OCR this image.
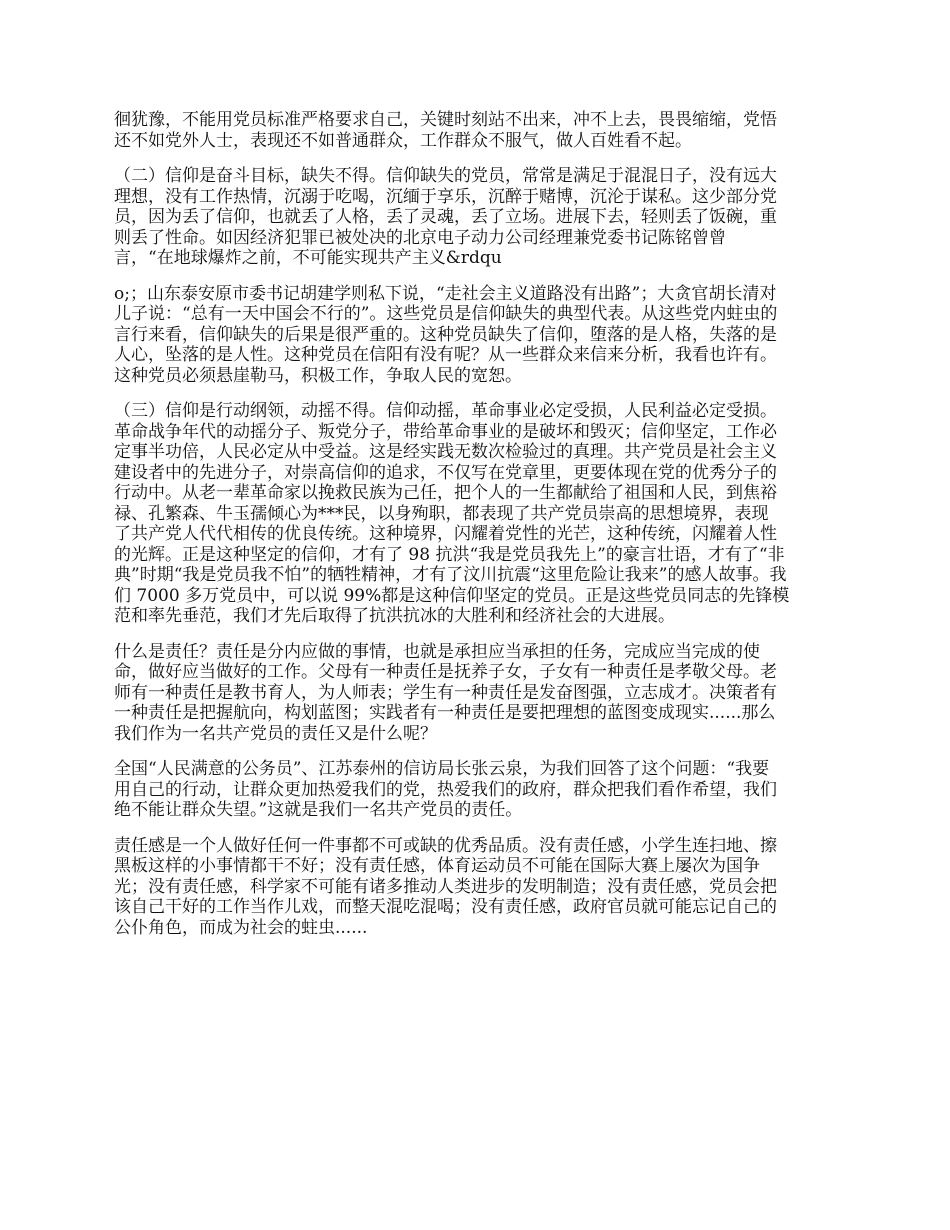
徊犹豫，不能用党员标准严格要求自己，关键时刻站不出来，冲不上去，畏畏缩缩，党悟
还不如党外人士，表现还不如普通群众，工作群众不服气，做人百姓看不起。
（二）信仰是奋斗目标，缺失不得。信仰缺失的党员，常常是满足于混混日子，没有远大
理想，没有工作热情，沉溺于吃喝，沉缅于享乐，沉醉于赌博，沉沦于谋私。这少部分党
员，因为丢了信仰，也就丢了人格，丢了灵魂，丢了立场。进展下去，轻则丢了饭碗，重
则丢了性命。如因经济犯罪已被处决的北京电子动力公司经理兼党委书记陈铭曾曾
言，“在地球爆炸之前，不可能实现共产主义&rdqu
o;；山东泰安原市委书记胡建学则私下说，“走社会主义道路没有出路”；大贪官胡长清对
儿子说：“总有一天中国会不行的”。这些党员是信仰缺失的典型代表。从这些党内蛀虫的
言行来看，信仰缺失的后果是很严重的。这种党员缺失了信仰，堕落的是人格，失落的是
人心，坠落的是人性。这种党员在信阳有没有呢？从一些群众来信来分析，我看也许有。
这种党员必须悬崖勒马，积极工作，争取人民的宽恕。
（三）信仰是行动纲领，动摇不得。信仰动摇，革命事业必定受损，人民利益必定受损。
革命战争年代的动摇分子、叛党分子，带给革命事业的是破坏和毁灭；信仰坚定，工作必
定事半功倍，人民必定从中受益。这是经实践无数次检验过的真理。共产党员是社会主义
建设者中的先进分子，对崇高信仰的追求，不仅写在党章里，更要体现在党的优秀分子的
行动中。从老一辈革命家以挽救民族为己任，把个人的一生都献给了祖国和人民，到焦裕
禄、孔繁森、牛玉孺倾心为***民，以身殉职，都表现了共产党员崇高的思想境界，表现
了共产党人代代相传的优良传统。这种境界，闪耀着党性的光芒，这种传统，闪耀着人性
的光辉。正是这种坚定的信仰，才有了 98 抗洪“我是党员我先上”的豪言壮语，才有了“非
典”时期“我是党员我不怕”的牺牲精神，才有了汶川抗震“这里危险让我来”的感人故事。我
们 7000 多万党员中，可以说 99%都是这种信仰坚定的党员。正是这些党员同志的先锋模
范和率先垂范，我们才先后取得了抗洪抗冰的大胜利和经济社会的大进展。
什么是责任？责任是分内应做的事情，也就是承担应当承担的任务，完成应当完成的使
命，做好应当做好的工作。父母有一种责任是抚养子女，子女有一种责任是孝敬父母。老
师有一种责任是教书育人，为人师表；学生有一种责任是发奋图强，立志成才。决策者有
一种责任是把握航向，构划蓝图；实践者有一种责任是要把理想的蓝图变成现实......那么
我们作为一名共产党员的责任又是什么呢？
全国“人民满意的公务员”、江苏泰州的信访局长张云泉，为我们回答了这个问题：“我要
用自己的行动，让群众更加热爱我们的党，热爱我们的政府，群众把我们看作希望，我们
绝不能让群众失望。”这就是我们一名共产党员的责任。
责任感是一个人做好任何一件事都不可或缺的优秀品质。没有责任感，小学生连扫地、擦
黑板这样的小事情都干不好；没有责任感，体育运动员不可能在国际大赛上屡次为国争
光；没有责任感，科学家不可能有诸多推动人类进步的发明制造；没有责任感，党员会把
该自己干好的工作当作儿戏，而整天混吃混喝；没有责任感，政府官员就可能忘记自己的
公仆角色，而成为社会的蛀虫......
